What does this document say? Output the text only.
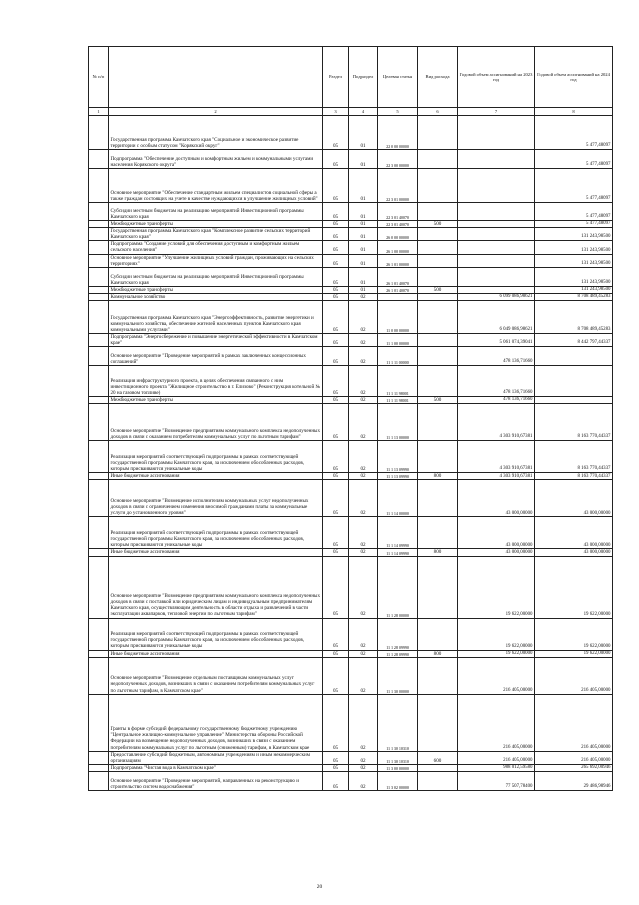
№ п/п		Раздел	Подраздел	Целевая статья	Вид расхода	Годовой объем ассигнований на 2023 год	Годовой объем ассигнований на 2024 год
1	2	3	4	5	6	7	8
	Государственная программа Камчатского края "Социальное и экономическое развитие территории с особым статусом "Корякский округ"	05	01	22 0 00 00000			5 477,48097
	Подпрограмма "Обеспечение доступным и комфортным жильем и коммунальными услугами населения Корякского округа"	05	01	22 3 00 00000			5 477,48097
	Основное мероприятие "Обеспечение стандартным жильем специалистов социальной сферы а также граждан состоящих на учете в качестве нуждающихся в улучшение жилищных условий"	05	01	22 3 01 00000			5 477,48097
	Субсидии местным бюджетам на реализацию мероприятий Инвестиционной программы Камчатского края	05	01	22 3 01 40070			5 477,48097
	Межбюджетные трансферты	05	01	22 3 01 40070	500		5 477,48097
	Государственная программа Камчатского края "Комплексное развитие сельских территорий Камчатского края"	05	01	26 0 00 00000			131 243,98500
	Подпрограмма "Создание условий для обеспечения доступным и комфортным жильем сельского населения"	05	01	26 1 00 00000			131 243,98500
	Основное мероприятие "Улучшение жилищных условий граждан, проживающих на сельских территориях"	05	01	26 1 01 00000			131 243,98500
	Субсидии местным бюджетам на реализацию мероприятий Инвестиционной программы Камчатского края	05	01	26 1 01 40070			131 243,98500
	Межбюджетные трансферты	05	01	26 1 01 40070	500		131 243,98500
	Коммунальное хозяйство	05	02			6 099 086,98621	8 708 489,45283
	Государственная программа Камчатского края "Энергоэффективность, развитие энергетики и коммунального хозяйства, обеспечение жителей населенных пунктов Камчатского края коммунальными услугами"	05	02	11 0 00 00000		6 049 086,98621	8 708 489,45283
	Подпрограмма "Энергосбережение и повышение энергетической эффективности в Камчатском крае"	05	02	11 1 00 00000		5 061 074,39041	8 442 797,44337
	Основное мероприятие "Проведение мероприятий в рамках заключенных концессионных соглашений"	05	02	11 1 11 00000		478 136,71660	
	Реализация инфраструктурного проекта, в целях обеспечения связанного с ним инвестиционного проекта "Жилищное строительство в г. Елизово" (Реконструкция котельной № 20 на газовом топливе)	05	02	11 1 11 98001		478 136,71660	
	Межбюджетные трансферты	05	02	11 1 11 98001	500	478 136,71660	
	Основное мероприятие "Возмещение предприятиям коммунального комплекса недополученных доходов в связи с оказанием потребителям коммунальных услуг по льготным тарифам"	05	02	11 1 13 00000		4 303 910,67381	8 163 770,44337
	Реализация мероприятий соответствующей подпрограммы в рамках соответствующей государственной программы Камчатского края, за исключением обособленных расходов, которым присваиваются уникальные коды	05	02	11 1 13 09990		4 303 910,67381	8 163 770,44337
	Иные бюджетные ассигнования	05	02	11 1 13 09990	800	4 303 910,67381	8 163 770,44337
	Основное мероприятие "Возмещение исполнителям коммунальных услуг недополученных доходов в связи с ограничением изменения вносимой гражданами платы за коммунальные услуги до установленного уровня"	05	02	11 1 14 00000		43 000,00000	43 000,00000
	Реализация мероприятий соответствующей подпрограммы в рамках соответствующей государственной программы Камчатского края, за исключением обособленных расходов, которым присваиваются уникальные коды	05	02	11 1 14 09990		43 000,00000	43 000,00000
	Иные бюджетные ассигнования	05	02	11 1 14 09990	800	43 000,00000	43 000,00000
	Основное мероприятие "Возмещение предприятиям коммунального комплекса недополученных доходов в связи с поставкой или юридическим лицам и индивидуальным предпринимателям Камчатского края, осуществляющим деятельность в области отдыха и развлечений в части эксплуатации аквапарков, тепловой энергии по льготным тарифам"	05	02	11 1 28 00000		19 622,00000	19 622,00000
	Реализация мероприятий соответствующей подпрограммы в рамках соответствующей государственной программы Камчатского края, за исключением обособленных расходов, которым присваиваются уникальные коды	05	02	11 1 28 09990		19 622,00000	19 622,00000
	Иные бюджетные ассигнования	05	02	11 1 28 09990	800	19 622,00000	19 622,00000
	Основное мероприятие "Возмещение отдельным поставщикам коммунальных услуг недополученных доходов, возникших в связи с оказанием потребителям коммунальных услуг по льготным тарифам, в Камчатском крае"	05	02	11 1 30 00000		216 405,00000	216 405,00000
	Гранты в форме субсидий федеральному государственному бюджетному учреждению "Центральное жилищно-коммунальное управление" Министерства обороны Российской Федерации на возмещение недополученных доходов, возникших в связи с оказанием потребителям коммунальных услуг по льготным (сниженным) тарифам, в Камчатском крае	05	02	11 1 30 10310		216 405,00000	216 405,00000
	Предоставление субсидий бюджетным, автономным учреждениям и иным некоммерческим организациям	05	02	11 1 30 10310	600	216 405,00000	216 405,00000
	Подпрограмма "Чистая вода в Камчатском крае"	05	02	11 3 00 00000		988 012,59580	265 692,00946
	Основное мероприятие "Проведение мероприятий, направленных на реконструкцию и строительство систем водоснабжения"	05	02	11 3 02 00000		77 507,78400	29 486,98946
20
